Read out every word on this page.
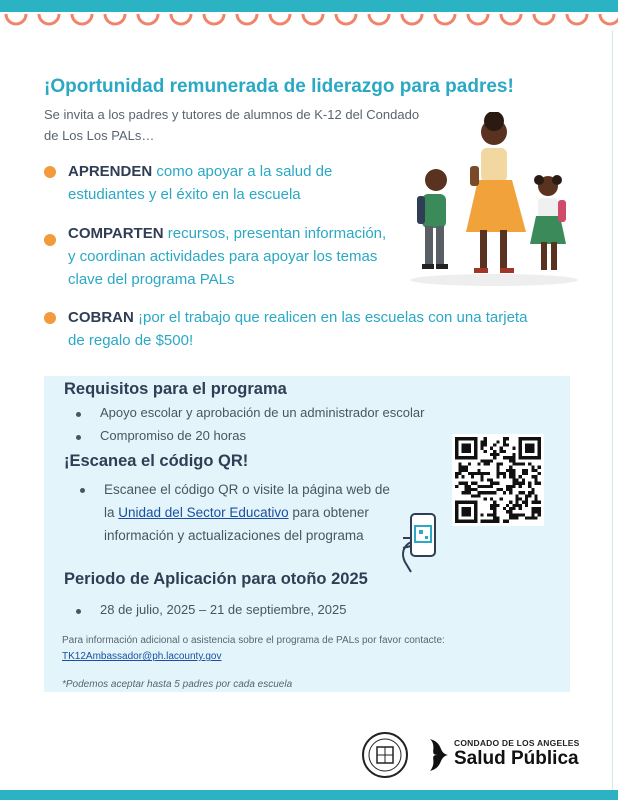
¡Oportunidad remunerada de liderazgo para padres!

Se invita a los padres y tutores de alumnos de K-12 del Condado de Los Los PALs…

APRENDEN como apoyar a la salud de estudiantes y el éxito en la escuela
COMPARTEN recursos, presentan información, y coordinan actividades para apoyar los temas clave del programa PALs
COBRAN ¡por el trabajo que realicen en las escuelas con una tarjeta de regalo de $500!
Requisitos para el programa
Apoyo escolar y aprobación de un administrador escolar
Compromiso de 20 horas
¡Escanea el código QR!
Escanee el código QR o visite la página web de la Unidad del Sector Educativo para obtener información y actualizaciones del programa
Periodo de Aplicación para otoño 2025
28 de julio, 2025 – 21 de septiembre, 2025
Para información adicional o asistencia sobre el programa de PALs por favor contacte:
TK12Ambassador@ph.lacounty.gov
*Podemos aceptar hasta 5 padres por cada escuela
CONDADO DE LOS ANGELES
Salud Pública
